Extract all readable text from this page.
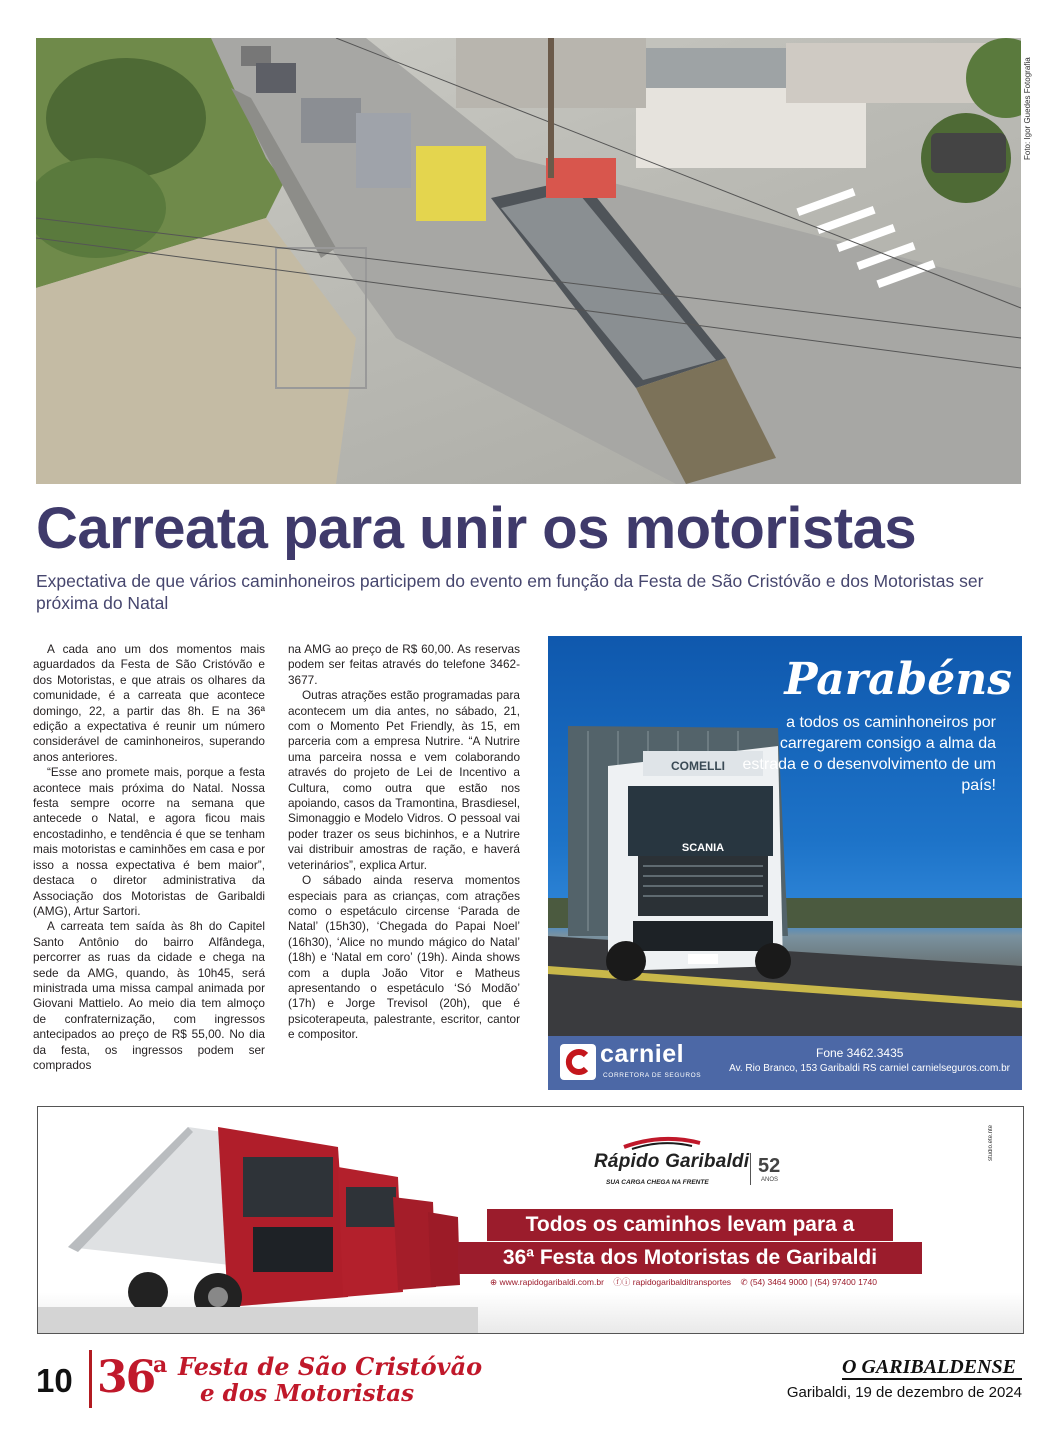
Foto: Igor Guedes Fotografia
Carreata para unir os motoristas
Expectativa de que vários caminhoneiros participem do evento em função da Festa de São Cristóvão e dos Motoristas ser próxima do Natal

A cada ano um dos momentos mais aguardados da Festa de São Cristóvão e dos Motoristas, e que atrais os olhares da comunidade, é a carreata que acontece domingo, 22, a partir das 8h. E na 36ª edição a expectativa é reunir um número considerável de caminhoneiros, superando anos anteriores.

“Esse ano promete mais, porque a festa acontece mais próxima do Natal. Nossa festa sempre ocorre na semana que antecede o Natal, e agora ficou mais encostadinho, e tendência é que se tenham mais motoristas e caminhões em casa e por isso a nossa expectativa é bem maior”, destaca o diretor administrativa da Associação dos Motoristas de Garibaldi (AMG), Artur Sartori.

A carreata tem saída às 8h do Capitel Santo Antônio do bairro Alfândega, percorrer as ruas da cidade e chega na sede da AMG, quando, às 10h45, será ministrada uma missa campal animada por Giovani Mattielo. Ao meio dia tem almoço de confraternização, com ingressos antecipados ao preço de R$ 55,00. No dia da festa, os ingressos podem ser comprados

na AMG ao preço de R$ 60,00. As reservas podem ser feitas através do telefone 3462-3677.

Outras atrações estão programadas para acontecem um dia antes, no sábado, 21, com o Momento Pet Friendly, às 15, em parceria com a empresa Nutrire. “A Nutrire uma parceira nossa e vem colaborando através do projeto de Lei de Incentivo a Cultura, como outra que estão nos apoiando, casos da Tramontina, Brasdiesel, Simonaggio e Modelo Vidros. O pessoal vai poder trazer os seus bichinhos, e a Nutrire vai distribuir amostras de ração, e haverá veterinários”, explica Artur.

O sábado ainda reserva momentos especiais para as crianças, com atrações como o espetáculo circense ‘Parada de Natal’ (15h30), ‘Chegada do Papai Noel’ (16h30), ‘Alice no mundo mágico do Natal’ (18h) e ‘Natal em coro’ (19h). Ainda shows com a dupla João Vitor e Matheus apresentando o espetáculo ‘Só Modão’ (17h) e Jorge Trevisol (20h), que é psicoterapeuta, palestrante, escritor, cantor e compositor.

COMELLI
SCANIA
Parabéns
a todos os caminhoneiros por carregarem consigo a alma da estrada e o desenvolvimento de um país!
carniel
CORRETORA DE SEGUROS
Fone 3462.3435
Av. Rio Branco, 153 Garibaldi RS carniel carnielseguros.com.br
Rápido Garibaldi
SUA CARGA CHEGA NA FRENTE
52
ANOS
Todos os caminhos levam para a
36ª Festa dos Motoristas de Garibaldi
⊕ www.rapidogaribaldi.com.br ⓕⓘ rapidogaribalditransportes ✆ (54) 3464 9000 | (54) 97400 1740
studio.ete.nte
10 36
a Festa de São Cristóvão
e dos Motoristas
O GARIBALDENSE
Garibaldi, 19 de dezembro de 2024
